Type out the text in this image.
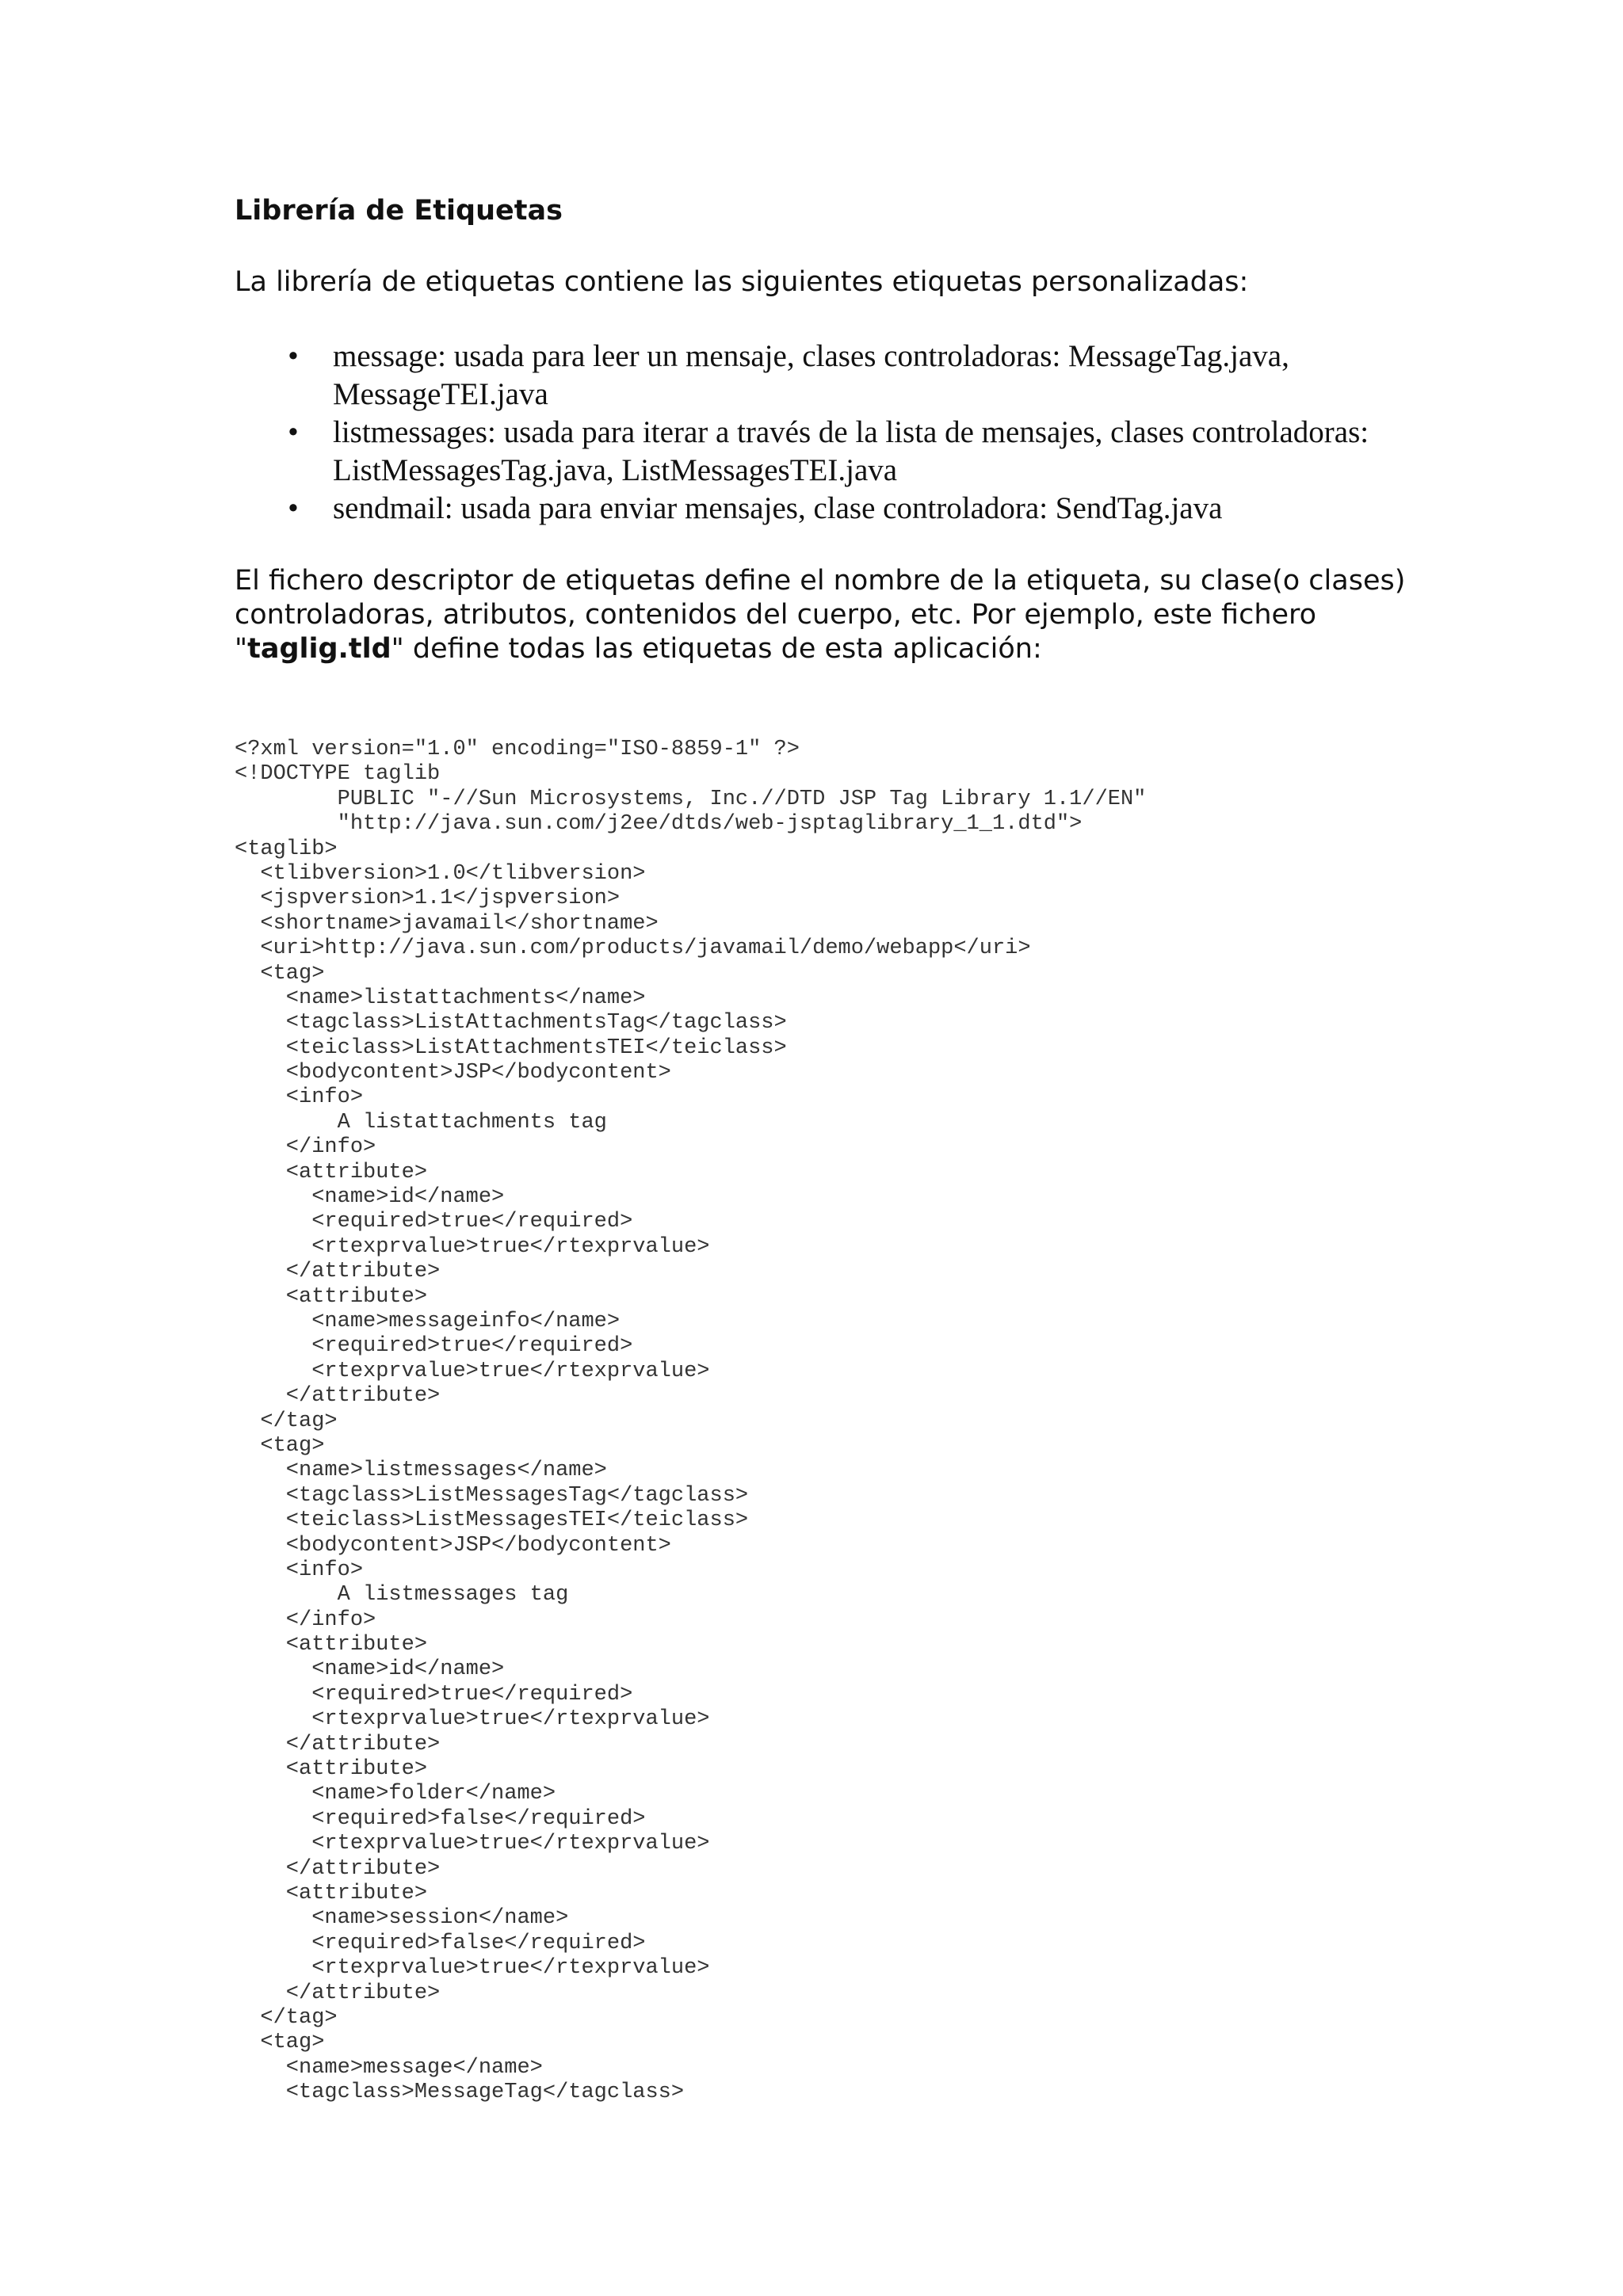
Librería de Etiquetas

La librería de etiquetas contiene las siguientes etiquetas personalizadas:

• message: usada para leer un mensaje, clases controladoras: MessageTag.java, MessageTEI.java
• listmessages: usada para iterar a través de la lista de mensajes, clases controladoras: ListMessagesTag.java, ListMessagesTEI.java
• sendmail: usada para enviar mensajes, clase controladora: SendTag.java

El fichero descriptor de etiquetas define el nombre de la etiqueta, su clase(o clases) controladoras, atributos, contenidos del cuerpo, etc. Por ejemplo, este fichero "taglig.tld" define todas las etiquetas de esta aplicación:

<?xml version="1.0" encoding="ISO-8859-1" ?>
<!DOCTYPE taglib
PUBLIC "-//Sun Microsystems, Inc.//DTD JSP Tag Library 1.1//EN"
"http://java.sun.com/j2ee/dtds/web-jsptaglibrary_1_1.dtd">
<taglib>
<tlibversion>1.0</tlibversion>
<jspversion>1.1</jspversion>
<shortname>javamail</shortname>
<uri>http://java.sun.com/products/javamail/demo/webapp</uri>
<tag>
<name>listattachments</name>
<tagclass>ListAttachmentsTag</tagclass>
<teiclass>ListAttachmentsTEI</teiclass>
<bodycontent>JSP</bodycontent>
<info>
A listattachments tag
</info>
<attribute>
<name>id</name>
<required>true</required>
<rtexprvalue>true</rtexprvalue>
</attribute>
<attribute>
<name>messageinfo</name>
<required>true</required>
<rtexprvalue>true</rtexprvalue>
</attribute>
</tag>
<tag>
<name>listmessages</name>
<tagclass>ListMessagesTag</tagclass>
<teiclass>ListMessagesTEI</teiclass>
<bodycontent>JSP</bodycontent>
<info>
A listmessages tag
</info>
<attribute>
<name>id</name>
<required>true</required>
<rtexprvalue>true</rtexprvalue>
</attribute>
<attribute>
<name>folder</name>
<required>false</required>
<rtexprvalue>true</rtexprvalue>
</attribute>
<attribute>
<name>session</name>
<required>false</required>
<rtexprvalue>true</rtexprvalue>
</attribute>
</tag>
<tag>
<name>message</name>
<tagclass>MessageTag</tagclass>
